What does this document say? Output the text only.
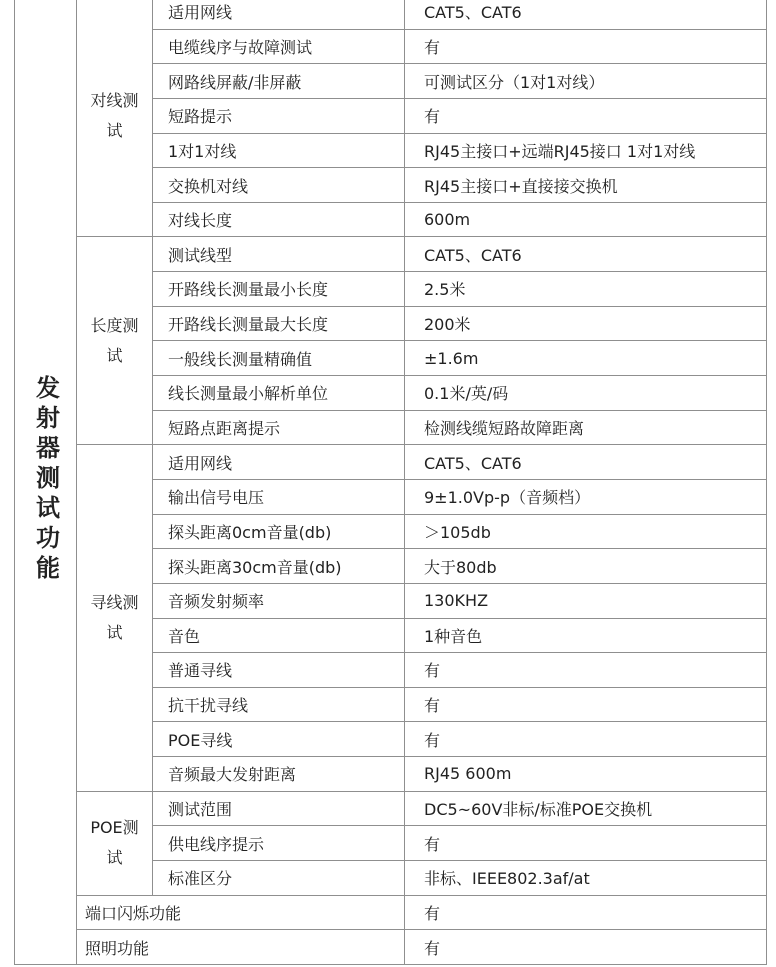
发射器测试功能	对线测试	适用网线	CAT5、CAT6
		电缆线序与故障测试	有
		网路线屏蔽/非屏蔽	可测试区分（1对1对线）
		短路提示	有
		1对1对线	RJ45主接口+远端RJ45接口 1对1对线
		交换机对线	RJ45主接口+直接接交换机
		对线长度	600m
	长度测试	测试线型	CAT5、CAT6
		开路线长测量最小长度	2.5米
		开路线长测量最大长度	200米
		一般线长测量精确值	±1.6m
		线长测量最小解析单位	0.1米/英/码
		短路点距离提示	检测线缆短路故障距离
	寻线测试	适用网线	CAT5、CAT6
		输出信号电压	9±1.0Vp-p（音频档）
		探头距离0cm音量(db)	＞105db
		探头距离30cm音量(db)	大于80db
		音频发射频率	130KHZ
		音色	1种音色
		普通寻线	有
		抗干扰寻线	有
		POE寻线	有
		音频最大发射距离	RJ45 600m
	POE测试	测试范围	DC5~60V非标/标准POE交换机
		供电线序提示	有
		标准区分	非标、IEEE802.3af/at
	端口闪烁功能		有
	照明功能		有
